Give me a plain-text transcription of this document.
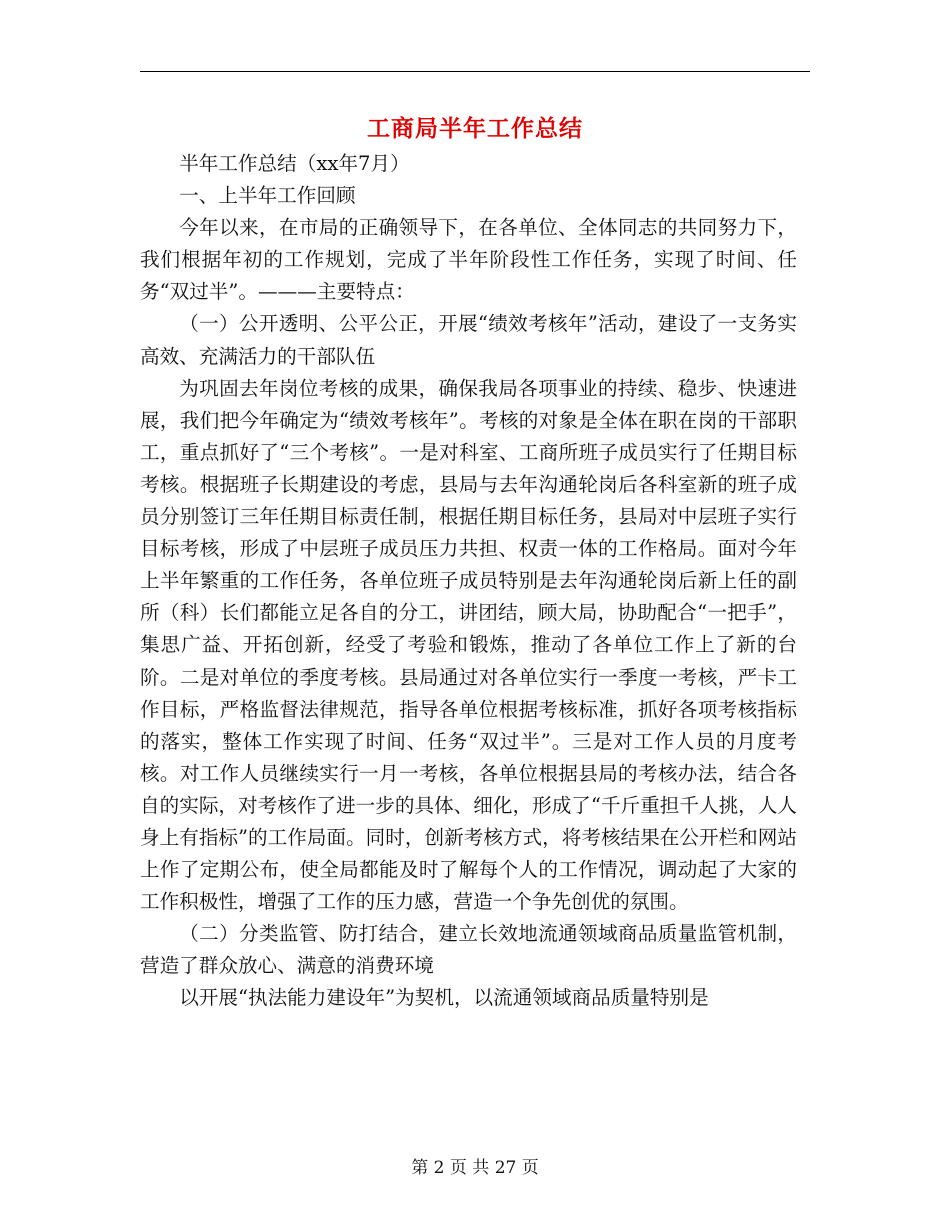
工商局半年工作总结

半年工作总结（xx年7月）

一、上半年工作回顾

今年以来，在市局的正确领导下，在各单位、全体同志的共同努力下，我们根据年初的工作规划，完成了半年阶段性工作任务，实现了时间、任务“双过半”。———主要特点：

（一）公开透明、公平公正，开展“绩效考核年”活动，建设了一支务实高效、充满活力的干部队伍

为巩固去年岗位考核的成果，确保我局各项事业的持续、稳步、快速进展，我们把今年确定为“绩效考核年”。考核的对象是全体在职在岗的干部职工，重点抓好了“三个考核”。一是对科室、工商所班子成员实行了任期目标考核。根据班子长期建设的考虑，县局与去年沟通轮岗后各科室新的班子成员分别签订三年任期目标责任制，根据任期目标任务，县局对中层班子实行目标考核，形成了中层班子成员压力共担、权责一体的工作格局。面对今年上半年繁重的工作任务，各单位班子成员特别是去年沟通轮岗后新上任的副所（科）长们都能立足各自的分工，讲团结，顾大局，协助配合“一把手”，集思广益、开拓创新，经受了考验和锻炼，推动了各单位工作上了新的台阶。二是对单位的季度考核。县局通过对各单位实行一季度一考核，严卡工作目标，严格监督法律规范，指导各单位根据考核标准，抓好各项考核指标的落实，整体工作实现了时间、任务“双过半”。三是对工作人员的月度考核。对工作人员继续实行一月一考核，各单位根据县局的考核办法，结合各自的实际，对考核作了进一步的具体、细化，形成了“千斤重担千人挑，人人身上有指标”的工作局面。同时，创新考核方式，将考核结果在公开栏和网站上作了定期公布，使全局都能及时了解每个人的工作情况，调动起了大家的工作积极性，增强了工作的压力感，营造一个争先创优的氛围。

（二）分类监管、防打结合，建立长效地流通领域商品质量监管机制，营造了群众放心、满意的消费环境

以开展“执法能力建设年”为契机，以流通领域商品质量特别是

第 2 页 共 27 页
